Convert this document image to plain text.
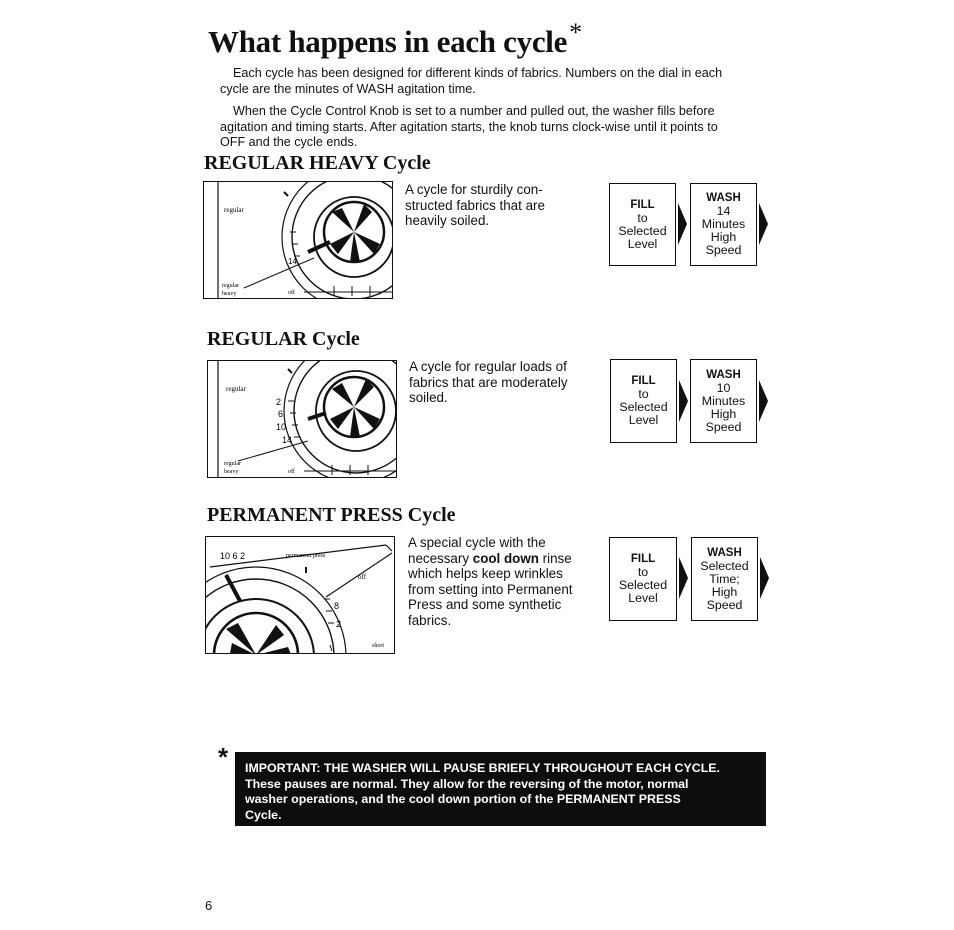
What happens in each cycle*

Each cycle has been designed for different kinds of fabrics. Numbers on the dial in each cycle are the minutes of WASH agitation time.

When the Cycle Control Knob is set to a number and pulled out, the washer fills before agitation and timing starts. After agitation starts, the knob turns clock-wise until it points to OFF and the cycle ends.

REGULAR HEAVY Cycle
regular
14
regular
heavy	off

A cycle for sturdily con-

structed fabrics that are

heavily soiled.

FILL
to
Selected
Level
WASH
14
Minutes
High
Speed
REGULAR Cycle
regular
2
6
10
14
regular
heavy	off

A cycle for regular loads of

fabrics that are moderately

soiled.

FILL
to
Selected
Level
WASH
10
Minutes
High
Speed
PERMANENT PRESS Cycle
10 6 2	permanent press
off
8
2
short

A special cycle with the

necessary cool down rinse

which helps keep wrinkles

from setting into Permanent

Press and some synthetic

fabrics.

FILL
to
Selected
Level
WASH
Selected
Time;
High
Speed
* IMPORTANT: THE WASHER WILL PAUSE BRIEFLY THROUGHOUT EACH CYCLE.
These pauses are normal. They allow for the reversing of the motor, normal
washer operations, and the cool down portion of the PERMANENT PRESS
Cycle.
6
